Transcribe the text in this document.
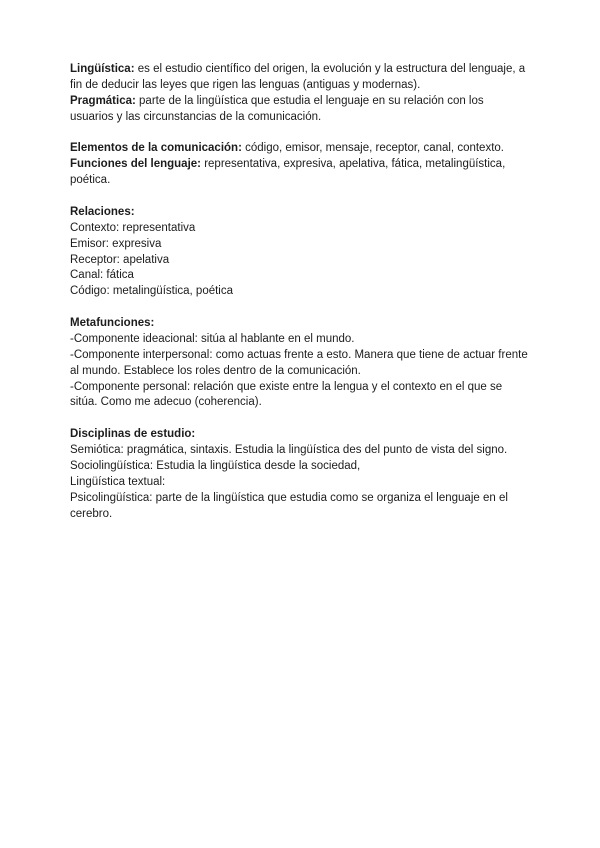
Lingüística: es el estudio científico del origen, la evolución y la estructura del lenguaje, a fin de deducir las leyes que rigen las lenguas (antiguas y modernas).

Pragmática: parte de la lingüística que estudia el lenguaje en su relación con los usuarios y las circunstancias de la comunicación.

Elementos de la comunicación: código, emisor, mensaje, receptor, canal, contexto.

Funciones del lenguaje: representativa, expresiva, apelativa, fática, metalingüística, poética.

Relaciones:

Contexto: representativa

Emisor: expresiva

Receptor: apelativa

Canal: fática

Código: metalingüística, poética

Metafunciones:

-Componente ideacional: sitúa al hablante en el mundo.

-Componente interpersonal: como actuas frente a esto. Manera que tiene de actuar frente al mundo. Establece los roles dentro de la comunicación.

-Componente personal: relación que existe entre la lengua y el contexto en el que se sitúa. Como me adecuo (coherencia).

Disciplinas de estudio:

Semiótica: pragmática, sintaxis. Estudia la lingüística des del punto de vista del signo.

Sociolingüística: Estudia la lingüística desde la sociedad,

Lingüística textual:

Psicolingüística: parte de la lingüística que estudia como se organiza el lenguaje en el cerebro.
